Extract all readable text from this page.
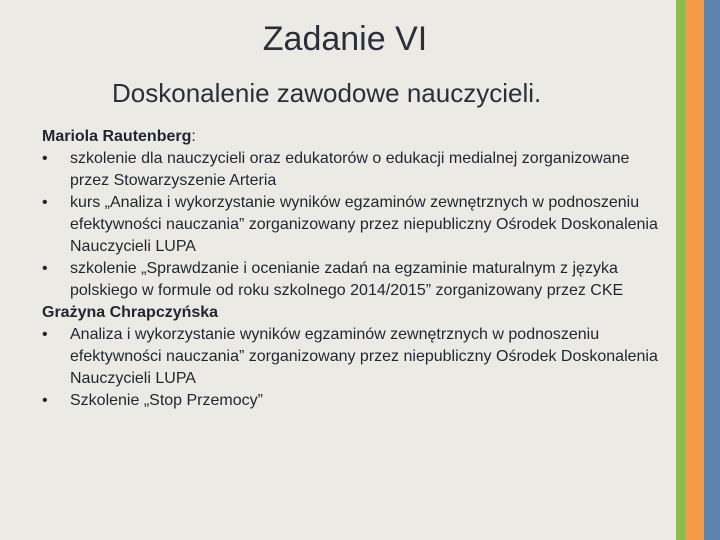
Zadanie VI
Doskonalenie zawodowe nauczycieli.

Mariola Rautenberg:

•	szkolenie dla nauczycieli oraz edukatorów o edukacji medialnej zorganizowane przez Stowarzyszenie Arteria
•	kurs „Analiza i wykorzystanie wyników egzaminów zewnętrznych w podnoszeniu efektywności nauczania” zorganizowany przez niepubliczny Ośrodek Doskonalenia Nauczycieli LUPA
•	szkolenie „Sprawdzanie i ocenianie zadań na egzaminie maturalnym z języka polskiego w formule od roku szkolnego 2014/2015” zorganizowany przez CKE

Grażyna Chrapczyńska

•	Analiza i wykorzystanie wyników egzaminów zewnętrznych w podnoszeniu efektywności nauczania” zorganizowany przez niepubliczny Ośrodek Doskonalenia Nauczycieli LUPA
•	Szkolenie „Stop Przemocy”
